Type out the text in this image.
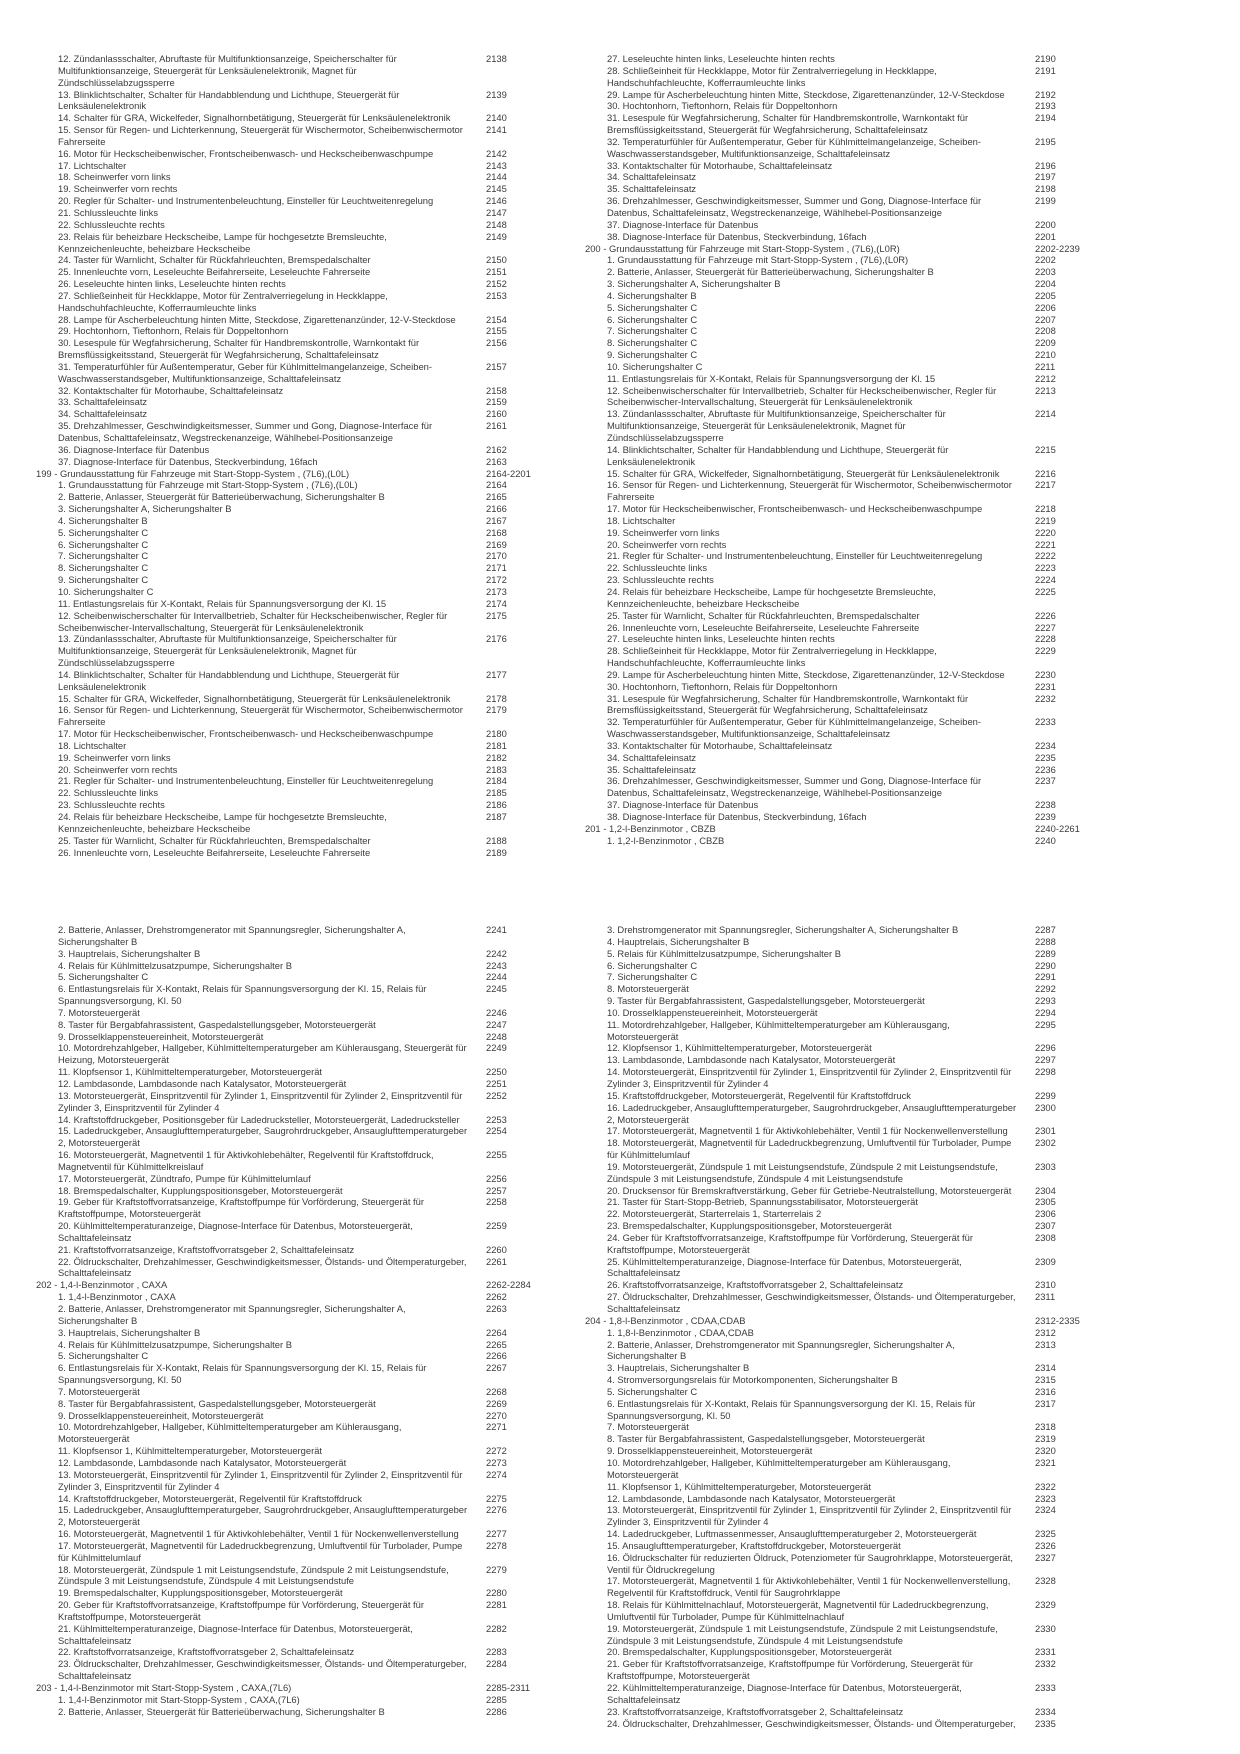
12. Zündanlassschalter, Abruftaste für Multifunktionsanzeige, Speicherschalter für Multifunktionsanzeige, Steuergerät für Lenksäulenelektronik, Magnet für Zündschlüsselabzugssperre
2138
13. Blinklichtschalter, Schalter für Handabblendung und Lichthupe, Steuergerät für Lenksäulenelektronik
2139
14. Schalter für GRA, Wickelfeder, Signalhornbetätigung, Steuergerät für Lenksäulenelektronik	2140
15. Sensor für Regen- und Lichterkennung, Steuergerät für Wischermotor, Scheibenwischermotor Fahrerseite
2141
16. Motor für Heckscheibenwischer, Frontscheibenwasch- und Heckscheibenwaschpumpe	2142
17. Lichtschalter	2143
18. Scheinwerfer vorn links	2144
19. Scheinwerfer vorn rechts	2145
20. Regler für Schalter- und Instrumentenbeleuchtung, Einsteller für Leuchtweitenregelung	2146
21. Schlussleuchte links	2147
22. Schlussleuchte rechts	2148
23. Relais für beheizbare Heckscheibe, Lampe für hochgesetzte Bremsleuchte, Kennzeichenleuchte, beheizbare Heckscheibe
2149
24. Taster für Warnlicht, Schalter für Rückfahrleuchten, Bremspedalschalter	2150
25. Innenleuchte vorn, Leseleuchte Beifahrerseite, Leseleuchte Fahrerseite	2151
26. Leseleuchte hinten links, Leseleuchte hinten rechts	2152
27. Schließeinheit für Heckklappe, Motor für Zentralverriegelung in Heckklappe, Handschuhfachleuchte, Kofferraumleuchte links
2153
28. Lampe für Ascherbeleuchtung hinten Mitte, Steckdose, Zigarettenanzünder, 12-V-Steckdose	2154
29. Hochtonhorn, Tieftonhorn, Relais für Doppeltonhorn	2155
30. Lesespule für Wegfahrsicherung, Schalter für Handbremskontrolle, Warnkontakt für Bremsflüssigkeitsstand, Steuergerät für Wegfahrsicherung, Schalttafeleinsatz
2156
31. Temperaturfühler für Außentemperatur, Geber für Kühlmittelmangelanzeige, Scheiben-Waschwasserstandsgeber, Multifunktionsanzeige, Schalttafeleinsatz
2157
32. Kontaktschalter für Motorhaube, Schalttafeleinsatz	2158
33. Schalttafeleinsatz	2159
34. Schalttafeleinsatz	2160
35. Drehzahlmesser, Geschwindigkeitsmesser, Summer und Gong, Diagnose-Interface für Datenbus, Schalttafeleinsatz, Wegstreckenanzeige, Wählhebel-Positionsanzeige
2161
36. Diagnose-Interface für Datenbus	2162
37. Diagnose-Interface für Datenbus, Steckverbindung, 16fach	2163
199 - Grundausstattung für Fahrzeuge mit Start-Stopp-System , (7L6),(L0L)	2164-2201
1. Grundausstattung für Fahrzeuge mit Start-Stopp-System , (7L6),(L0L)	2164
2. Batterie, Anlasser, Steuergerät für Batterieüberwachung, Sicherungshalter B	2165
3. Sicherungshalter A, Sicherungshalter B	2166
4. Sicherungshalter B	2167
5. Sicherungshalter C	2168
6. Sicherungshalter C	2169
7. Sicherungshalter C	2170
8. Sicherungshalter C	2171
9. Sicherungshalter C	2172
10. Sicherungshalter C	2173
11. Entlastungsrelais für X-Kontakt, Relais für Spannungsversorgung der Kl. 15	2174
12. Scheibenwischerschalter für Intervallbetrieb, Schalter für Heckscheibenwischer, Regler für Scheibenwischer-Intervallschaltung, Steuergerät für Lenksäulenelektronik
2175
13. Zündanlassschalter, Abruftaste für Multifunktionsanzeige, Speicherschalter für Multifunktionsanzeige, Steuergerät für Lenksäulenelektronik, Magnet für Zündschlüsselabzugssperre
2176
14. Blinklichtschalter, Schalter für Handabblendung und Lichthupe, Steuergerät für Lenksäulenelektronik
2177
15. Schalter für GRA, Wickelfeder, Signalhornbetätigung, Steuergerät für Lenksäulenelektronik	2178
16. Sensor für Regen- und Lichterkennung, Steuergerät für Wischermotor, Scheibenwischermotor Fahrerseite
2179
17. Motor für Heckscheibenwischer, Frontscheibenwasch- und Heckscheibenwaschpumpe	2180
18. Lichtschalter	2181
19. Scheinwerfer vorn links	2182
20. Scheinwerfer vorn rechts	2183
21. Regler für Schalter- und Instrumentenbeleuchtung, Einsteller für Leuchtweitenregelung	2184
22. Schlussleuchte links	2185
23. Schlussleuchte rechts	2186
24. Relais für beheizbare Heckscheibe, Lampe für hochgesetzte Bremsleuchte, Kennzeichenleuchte, beheizbare Heckscheibe
2187
25. Taster für Warnlicht, Schalter für Rückfahrleuchten, Bremspedalschalter	2188
26. Innenleuchte vorn, Leseleuchte Beifahrerseite, Leseleuchte Fahrerseite	2189
27. Leseleuchte hinten links, Leseleuchte hinten rechts	2190
28. Schließeinheit für Heckklappe, Motor für Zentralverriegelung in Heckklappe, Handschuhfachleuchte, Kofferraumleuchte links
2191
29. Lampe für Ascherbeleuchtung hinten Mitte, Steckdose, Zigarettenanzünder, 12-V-Steckdose	2192
30. Hochtonhorn, Tieftonhorn, Relais für Doppeltonhorn	2193
31. Lesespule für Wegfahrsicherung, Schalter für Handbremskontrolle, Warnkontakt für Bremsflüssigkeitsstand, Steuergerät für Wegfahrsicherung, Schalttafeleinsatz
2194
32. Temperaturfühler für Außentemperatur, Geber für Kühlmittelmangelanzeige, Scheiben-Waschwasserstandsgeber, Multifunktionsanzeige, Schalttafeleinsatz
2195
33. Kontaktschalter für Motorhaube, Schalttafeleinsatz	2196
34. Schalttafeleinsatz	2197
35. Schalttafeleinsatz	2198
36. Drehzahlmesser, Geschwindigkeitsmesser, Summer und Gong, Diagnose-Interface für Datenbus, Schalttafeleinsatz, Wegstreckenanzeige, Wählhebel-Positionsanzeige
2199
37. Diagnose-Interface für Datenbus	2200
38. Diagnose-Interface für Datenbus, Steckverbindung, 16fach	2201
200 - Grundausstattung für Fahrzeuge mit Start-Stopp-System , (7L6),(L0R)	2202-2239
1. Grundausstattung für Fahrzeuge mit Start-Stopp-System , (7L6),(L0R)	2202
2. Batterie, Anlasser, Steuergerät für Batterieüberwachung, Sicherungshalter B	2203
3. Sicherungshalter A, Sicherungshalter B	2204
4. Sicherungshalter B	2205
5. Sicherungshalter C	2206
6. Sicherungshalter C	2207
7. Sicherungshalter C	2208
8. Sicherungshalter C	2209
9. Sicherungshalter C	2210
10. Sicherungshalter C	2211
11. Entlastungsrelais für X-Kontakt, Relais für Spannungsversorgung der Kl. 15	2212
12. Scheibenwischerschalter für Intervallbetrieb, Schalter für Heckscheibenwischer, Regler für Scheibenwischer-Intervallschaltung, Steuergerät für Lenksäulenelektronik
2213
13. Zündanlassschalter, Abruftaste für Multifunktionsanzeige, Speicherschalter für Multifunktionsanzeige, Steuergerät für Lenksäulenelektronik, Magnet für Zündschlüsselabzugssperre
2214
14. Blinklichtschalter, Schalter für Handabblendung und Lichthupe, Steuergerät für Lenksäulenelektronik
2215
15. Schalter für GRA, Wickelfeder, Signalhornbetätigung, Steuergerät für Lenksäulenelektronik	2216
16. Sensor für Regen- und Lichterkennung, Steuergerät für Wischermotor, Scheibenwischermotor Fahrerseite
2217
17. Motor für Heckscheibenwischer, Frontscheibenwasch- und Heckscheibenwaschpumpe	2218
18. Lichtschalter	2219
19. Scheinwerfer vorn links	2220
20. Scheinwerfer vorn rechts	2221
21. Regler für Schalter- und Instrumentenbeleuchtung, Einsteller für Leuchtweitenregelung	2222
22. Schlussleuchte links	2223
23. Schlussleuchte rechts	2224
24. Relais für beheizbare Heckscheibe, Lampe für hochgesetzte Bremsleuchte, Kennzeichenleuchte, beheizbare Heckscheibe
2225
25. Taster für Warnlicht, Schalter für Rückfahrleuchten, Bremspedalschalter	2226
26. Innenleuchte vorn, Leseleuchte Beifahrerseite, Leseleuchte Fahrerseite	2227
27. Leseleuchte hinten links, Leseleuchte hinten rechts	2228
28. Schließeinheit für Heckklappe, Motor für Zentralverriegelung in Heckklappe, Handschuhfachleuchte, Kofferraumleuchte links
2229
29. Lampe für Ascherbeleuchtung hinten Mitte, Steckdose, Zigarettenanzünder, 12-V-Steckdose	2230
30. Hochtonhorn, Tieftonhorn, Relais für Doppeltonhorn	2231
31. Lesespule für Wegfahrsicherung, Schalter für Handbremskontrolle, Warnkontakt für Bremsflüssigkeitsstand, Steuergerät für Wegfahrsicherung, Schalttafeleinsatz
2232
32. Temperaturfühler für Außentemperatur, Geber für Kühlmittelmangelanzeige, Scheiben-Waschwasserstandsgeber, Multifunktionsanzeige, Schalttafeleinsatz
2233
33. Kontaktschalter für Motorhaube, Schalttafeleinsatz	2234
34. Schalttafeleinsatz	2235
35. Schalttafeleinsatz	2236
36. Drehzahlmesser, Geschwindigkeitsmesser, Summer und Gong, Diagnose-Interface für Datenbus, Schalttafeleinsatz, Wegstreckenanzeige, Wählhebel-Positionsanzeige
2237
37. Diagnose-Interface für Datenbus	2238
38. Diagnose-Interface für Datenbus, Steckverbindung, 16fach	2239
201 - 1,2-l-Benzinmotor , CBZB	2240-2261
1. 1,2-l-Benzinmotor , CBZB	2240
2. Batterie, Anlasser, Drehstromgenerator mit Spannungsregler, Sicherungshalter A, Sicherungshalter B
2241
3. Hauptrelais, Sicherungshalter B	2242
4. Relais für Kühlmittelzusatzpumpe, Sicherungshalter B	2243
5. Sicherungshalter C	2244
6. Entlastungsrelais für X-Kontakt, Relais für Spannungsversorgung der Kl. 15, Relais für Spannungsversorgung, Kl. 50
2245
7. Motorsteuergerät	2246
8. Taster für Bergabfahrassistent, Gaspedalstellungsgeber, Motorsteuergerät	2247
9. Drosselklappensteuereinheit, Motorsteuergerät	2248
10. Motordrehzahlgeber, Hallgeber, Kühlmitteltemperaturgeber am Kühlerausgang, Steuergerät für Heizung, Motorsteuergerät
2249
11. Klopfsensor 1, Kühlmitteltemperaturgeber, Motorsteuergerät	2250
12. Lambdasonde, Lambdasonde nach Katalysator, Motorsteuergerät	2251
13. Motorsteuergerät, Einspritzventil für Zylinder 1, Einspritzventil für Zylinder 2, Einspritzventil für Zylinder 3, Einspritzventil für Zylinder 4
2252
14. Kraftstoffdruckgeber, Positionsgeber für Ladedrucksteller, Motorsteuergerät, Ladedrucksteller	2253
15. Ladedruckgeber, Ansauglufttemperaturgeber, Saugrohrdruckgeber, Ansauglufttemperaturgeber 2, Motorsteuergerät
2254
16. Motorsteuergerät, Magnetventil 1 für Aktivkohlebehälter, Regelventil für Kraftstoffdruck, Magnetventil für Kühlmittelkreislauf
2255
17. Motorsteuergerät, Zündtrafo, Pumpe für Kühlmittelumlauf	2256
18. Bremspedalschalter, Kupplungspositionsgeber, Motorsteuergerät	2257
19. Geber für Kraftstoffvorratsanzeige, Kraftstoffpumpe für Vorförderung, Steuergerät für Kraftstoffpumpe, Motorsteuergerät
2258
20. Kühlmitteltemperaturanzeige, Diagnose-Interface für Datenbus, Motorsteuergerät, Schalttafeleinsatz
2259
21. Kraftstoffvorratsanzeige, Kraftstoffvorratsgeber 2, Schalttafeleinsatz	2260
22. Öldruckschalter, Drehzahlmesser, Geschwindigkeitsmesser, Ölstands- und Öltemperaturgeber, Schalttafeleinsatz
2261
202 - 1,4-l-Benzinmotor , CAXA	2262-2284
1. 1,4-l-Benzinmotor , CAXA	2262
2. Batterie, Anlasser, Drehstromgenerator mit Spannungsregler, Sicherungshalter A, Sicherungshalter B
2263
3. Hauptrelais, Sicherungshalter B	2264
4. Relais für Kühlmittelzusatzpumpe, Sicherungshalter B	2265
5. Sicherungshalter C	2266
6. Entlastungsrelais für X-Kontakt, Relais für Spannungsversorgung der Kl. 15, Relais für Spannungsversorgung, Kl. 50
2267
7. Motorsteuergerät	2268
8. Taster für Bergabfahrassistent, Gaspedalstellungsgeber, Motorsteuergerät	2269
9. Drosselklappensteuereinheit, Motorsteuergerät	2270
10. Motordrehzahlgeber, Hallgeber, Kühlmitteltemperaturgeber am Kühlerausgang, Motorsteuergerät
2271
11. Klopfsensor 1, Kühlmitteltemperaturgeber, Motorsteuergerät	2272
12. Lambdasonde, Lambdasonde nach Katalysator, Motorsteuergerät	2273
13. Motorsteuergerät, Einspritzventil für Zylinder 1, Einspritzventil für Zylinder 2, Einspritzventil für Zylinder 3, Einspritzventil für Zylinder 4
2274
14. Kraftstoffdruckgeber, Motorsteuergerät, Regelventil für Kraftstoffdruck	2275
15. Ladedruckgeber, Ansauglufttemperaturgeber, Saugrohrdruckgeber, Ansauglufttemperaturgeber 2, Motorsteuergerät
2276
16. Motorsteuergerät, Magnetventil 1 für Aktivkohlebehälter, Ventil 1 für Nockenwellenverstellung	2277
17. Motorsteuergerät, Magnetventil für Ladedruckbegrenzung, Umluftventil für Turbolader, Pumpe für Kühlmittelumlauf
2278
18. Motorsteuergerät, Zündspule 1 mit Leistungsendstufe, Zündspule 2 mit Leistungsendstufe, Zündspule 3 mit Leistungsendstufe, Zündspule 4 mit Leistungsendstufe
2279
19. Bremspedalschalter, Kupplungspositionsgeber, Motorsteuergerät	2280
20. Geber für Kraftstoffvorratsanzeige, Kraftstoffpumpe für Vorförderung, Steuergerät für Kraftstoffpumpe, Motorsteuergerät
2281
21. Kühlmitteltemperaturanzeige, Diagnose-Interface für Datenbus, Motorsteuergerät, Schalttafeleinsatz
2282
22. Kraftstoffvorratsanzeige, Kraftstoffvorratsgeber 2, Schalttafeleinsatz	2283
23. Öldruckschalter, Drehzahlmesser, Geschwindigkeitsmesser, Ölstands- und Öltemperaturgeber, Schalttafeleinsatz
2284
203 - 1,4-l-Benzinmotor mit Start-Stopp-System , CAXA,(7L6)	2285-2311
1. 1,4-l-Benzinmotor mit Start-Stopp-System , CAXA,(7L6)	2285
2. Batterie, Anlasser, Steuergerät für Batterieüberwachung, Sicherungshalter B	2286
3. Drehstromgenerator mit Spannungsregler, Sicherungshalter A, Sicherungshalter B	2287
4. Hauptrelais, Sicherungshalter B	2288
5. Relais für Kühlmittelzusatzpumpe, Sicherungshalter B	2289
6. Sicherungshalter C	2290
7. Sicherungshalter C	2291
8. Motorsteuergerät	2292
9. Taster für Bergabfahrassistent, Gaspedalstellungsgeber, Motorsteuergerät	2293
10. Drosselklappensteuereinheit, Motorsteuergerät	2294
11. Motordrehzahlgeber, Hallgeber, Kühlmitteltemperaturgeber am Kühlerausgang, Motorsteuergerät
2295
12. Klopfsensor 1, Kühlmitteltemperaturgeber, Motorsteuergerät	2296
13. Lambdasonde, Lambdasonde nach Katalysator, Motorsteuergerät	2297
14. Motorsteuergerät, Einspritzventil für Zylinder 1, Einspritzventil für Zylinder 2, Einspritzventil für Zylinder 3, Einspritzventil für Zylinder 4
2298
15. Kraftstoffdruckgeber, Motorsteuergerät, Regelventil für Kraftstoffdruck	2299
16. Ladedruckgeber, Ansauglufttemperaturgeber, Saugrohrdruckgeber, Ansauglufttemperaturgeber 2, Motorsteuergerät
2300
17. Motorsteuergerät, Magnetventil 1 für Aktivkohlebehälter, Ventil 1 für Nockenwellenverstellung	2301
18. Motorsteuergerät, Magnetventil für Ladedruckbegrenzung, Umluftventil für Turbolader, Pumpe für Kühlmittelumlauf
2302
19. Motorsteuergerät, Zündspule 1 mit Leistungsendstufe, Zündspule 2 mit Leistungsendstufe, Zündspule 3 mit Leistungsendstufe, Zündspule 4 mit Leistungsendstufe
2303
20. Drucksensor für Bremskraftverstärkung, Geber für Getriebe-Neutralstellung, Motorsteuergerät	2304
21. Taster für Start-Stopp-Betrieb, Spannungsstabilisator, Motorsteuergerät	2305
22. Motorsteuergerät, Starterrelais 1, Starterrelais 2	2306
23. Bremspedalschalter, Kupplungspositionsgeber, Motorsteuergerät	2307
24. Geber für Kraftstoffvorratsanzeige, Kraftstoffpumpe für Vorförderung, Steuergerät für Kraftstoffpumpe, Motorsteuergerät
2308
25. Kühlmitteltemperaturanzeige, Diagnose-Interface für Datenbus, Motorsteuergerät, Schalttafeleinsatz
2309
26. Kraftstoffvorratsanzeige, Kraftstoffvorratsgeber 2, Schalttafeleinsatz	2310
27. Öldruckschalter, Drehzahlmesser, Geschwindigkeitsmesser, Ölstands- und Öltemperaturgeber, Schalttafeleinsatz
2311
204 - 1,8-l-Benzinmotor , CDAA,CDAB	2312-2335
1. 1,8-l-Benzinmotor , CDAA,CDAB	2312
2. Batterie, Anlasser, Drehstromgenerator mit Spannungsregler, Sicherungshalter A, Sicherungshalter B
2313
3. Hauptrelais, Sicherungshalter B	2314
4. Stromversorgungsrelais für Motorkomponenten, Sicherungshalter B	2315
5. Sicherungshalter C	2316
6. Entlastungsrelais für X-Kontakt, Relais für Spannungsversorgung der Kl. 15, Relais für Spannungsversorgung, Kl. 50
2317
7. Motorsteuergerät	2318
8. Taster für Bergabfahrassistent, Gaspedalstellungsgeber, Motorsteuergerät	2319
9. Drosselklappensteuereinheit, Motorsteuergerät	2320
10. Motordrehzahlgeber, Hallgeber, Kühlmitteltemperaturgeber am Kühlerausgang, Motorsteuergerät
2321
11. Klopfsensor 1, Kühlmitteltemperaturgeber, Motorsteuergerät	2322
12. Lambdasonde, Lambdasonde nach Katalysator, Motorsteuergerät	2323
13. Motorsteuergerät, Einspritzventil für Zylinder 1, Einspritzventil für Zylinder 2, Einspritzventil für Zylinder 3, Einspritzventil für Zylinder 4
2324
14. Ladedruckgeber, Luftmassenmesser, Ansauglufttemperaturgeber 2, Motorsteuergerät	2325
15. Ansauglufttemperaturgeber, Kraftstoffdruckgeber, Motorsteuergerät	2326
16. Öldruckschalter für reduzierten Öldruck, Potenziometer für Saugrohrklappe, Motorsteuergerät, Ventil für Öldruckregelung
2327
17. Motorsteuergerät, Magnetventil 1 für Aktivkohlebehälter, Ventil 1 für Nockenwellenverstellung, Regelventil für Kraftstoffdruck, Ventil für Saugrohrklappe
2328
18. Relais für Kühlmittelnachlauf, Motorsteuergerät, Magnetventil für Ladedruckbegrenzung, Umluftventil für Turbolader, Pumpe für Kühlmittelnachlauf
2329
19. Motorsteuergerät, Zündspule 1 mit Leistungsendstufe, Zündspule 2 mit Leistungsendstufe, Zündspule 3 mit Leistungsendstufe, Zündspule 4 mit Leistungsendstufe
2330
20. Bremspedalschalter, Kupplungspositionsgeber, Motorsteuergerät	2331
21. Geber für Kraftstoffvorratsanzeige, Kraftstoffpumpe für Vorförderung, Steuergerät für Kraftstoffpumpe, Motorsteuergerät
2332
22. Kühlmitteltemperaturanzeige, Diagnose-Interface für Datenbus, Motorsteuergerät, Schalttafeleinsatz
2333
23. Kraftstoffvorratsanzeige, Kraftstoffvorratsgeber 2, Schalttafeleinsatz	2334
24. Öldruckschalter, Drehzahlmesser, Geschwindigkeitsmesser, Ölstands- und Öltemperaturgeber,	2335
